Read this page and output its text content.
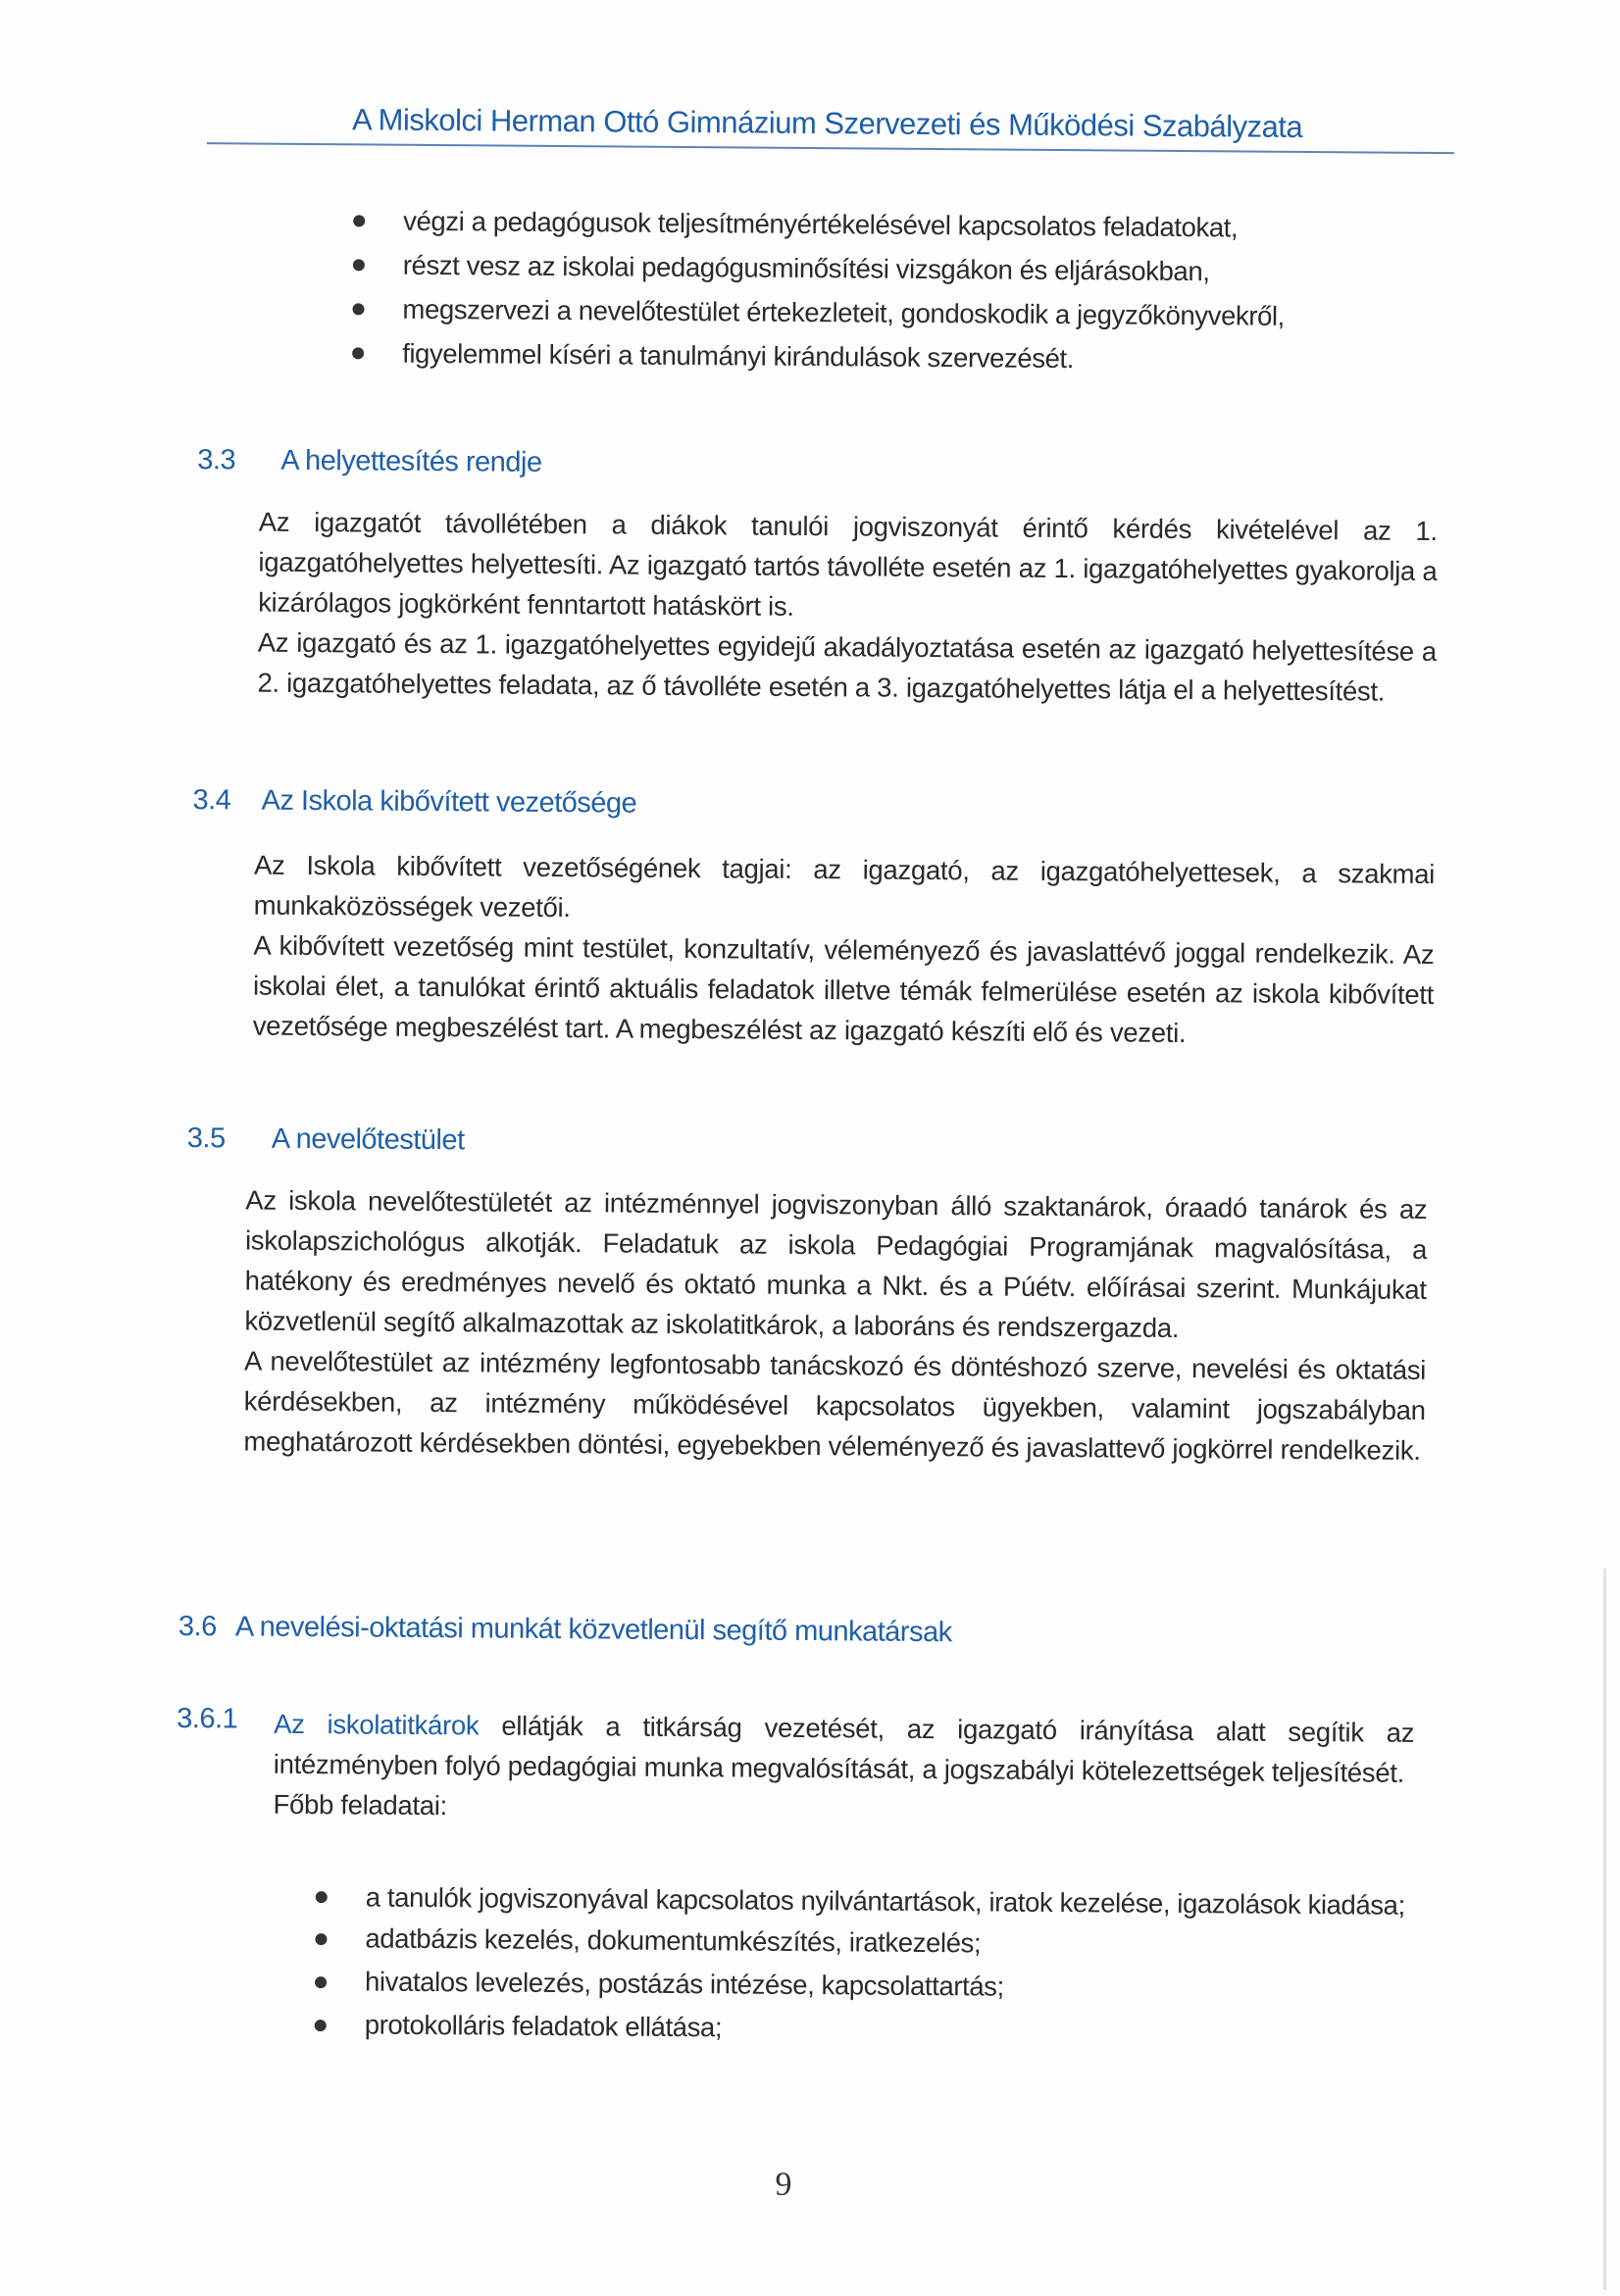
A Miskolci Herman Ottó Gimnázium Szervezeti és Működési Szabályzata
végzi a pedagógusok teljesítményértékelésével kapcsolatos feladatokat,
részt vesz az iskolai pedagógusminősítési vizsgákon és eljárásokban,
megszervezi a nevelőtestület értekezleteit, gondoskodik a jegyzőkönyvekről,
figyelemmel kíséri a tanulmányi kirándulások szervezését.
3.3 A helyettesítés rendje

Az igazgatót távollétében a diákok tanulói jogviszonyát érintő kérdés kivételével az 1. igazgatóhelyettes helyettesíti. Az igazgató tartós távolléte esetén az 1. igazgatóhelyettes gyakorolja a kizárólagos jogkörként fenntartott hatáskört is.

Az igazgató és az 1. igazgatóhelyettes egyidejű akadályoztatása esetén az igazgató helyettesítése a 2. igazgatóhelyettes feladata, az ő távolléte esetén a 3. igazgatóhelyettes látja el a helyettesítést.

3.4 Az Iskola kibővített vezetősége

Az Iskola kibővített vezetőségének tagjai: az igazgató, az igazgatóhelyettesek, a szakmai munkaközösségek vezetői.

A kibővített vezetőség mint testület, konzultatív, véleményező és javaslattévő joggal rendelkezik. Az iskolai élet, a tanulókat érintő aktuális feladatok illetve témák felmerülése esetén az iskola kibővített vezetősége megbeszélést tart. A megbeszélést az igazgató készíti elő és vezeti.

3.5 A nevelőtestület

Az iskola nevelőtestületét az intézménnyel jogviszonyban álló szaktanárok, óraadó tanárok és az iskolapszichológus alkotják. Feladatuk az iskola Pedagógiai Programjának magvalósítása, a hatékony és eredményes nevelő és oktató munka a Nkt. és a Púétv. előírásai szerint. Munkájukat közvetlenül segítő alkalmazottak az iskolatitkárok, a laboráns és rendszergazda.

A nevelőtestület az intézmény legfontosabb tanácskozó és döntéshozó szerve, nevelési és oktatási kérdésekben, az intézmény működésével kapcsolatos ügyekben, valamint jogszabályban meghatározott kérdésekben döntési, egyebekben véleményező és javaslattevő jogkörrel rendelkezik.

3.6 A nevelési-oktatási munkát közvetlenül segítő munkatársak
3.6.1 Az iskolatitkárok ellátják a titkárság vezetését, az igazgató irányítása alatt segítik az intézményben folyó pedagógiai munka megvalósítását, a jogszabályi kötelezettségek teljesítését.

Főbb feladatai:

a tanulók jogviszonyával kapcsolatos nyilvántartások, iratok kezelése, igazolások kiadása;
adatbázis kezelés, dokumentumkészítés, iratkezelés;
hivatalos levelezés, postázás intézése, kapcsolattartás;
protokolláris feladatok ellátása;
9
